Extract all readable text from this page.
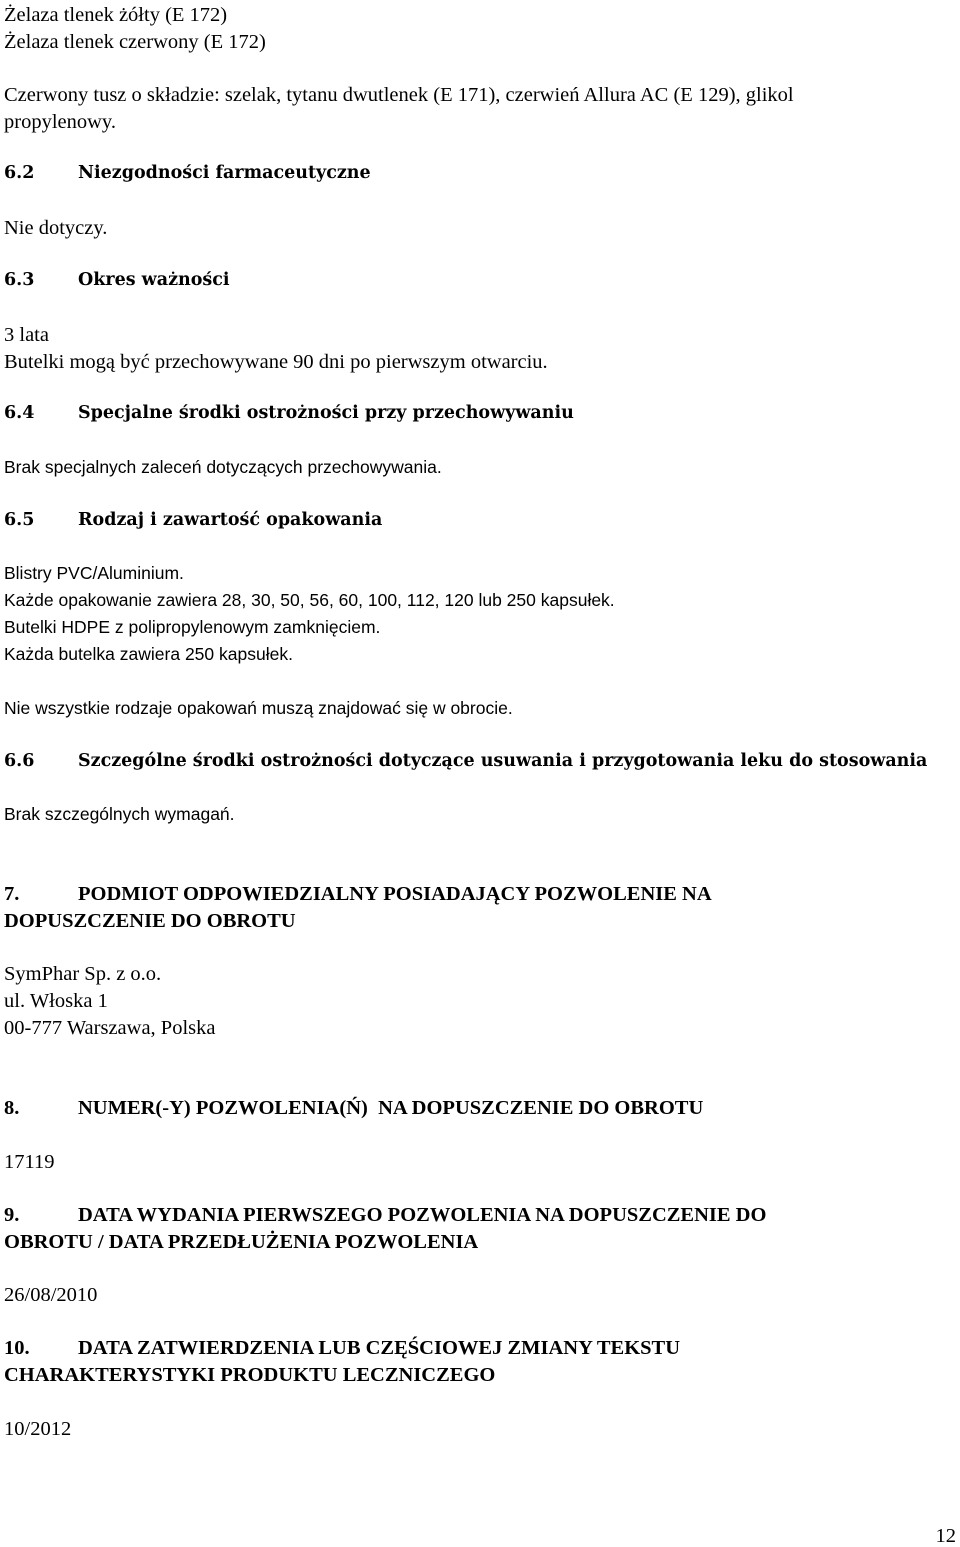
Żelaza tlenek żółty (E 172)
Żelaza tlenek czerwony (E 172)
Czerwony tusz o składzie: szelak, tytanu dwutlenek (E 171), czerwień Allura AC (E 129), glikol
propylenowy.
6.2 Niezgodności farmaceutyczne
Nie dotyczy.
6.3 Okres ważności
3 lata
Butelki mogą być przechowywane 90 dni po pierwszym otwarciu.
6.4 Specjalne środki ostrożności przy przechowywaniu
Brak specjalnych zaleceń dotyczących przechowywania.
6.5 Rodzaj i zawartość opakowania
Blistry PVC/Aluminium.
Każde opakowanie zawiera 28, 30, 50, 56, 60, 100, 112, 120 lub 250 kapsułek.
Butelki HDPE z polipropylenowym zamknięciem.
Każda butelka zawiera 250 kapsułek.
Nie wszystkie rodzaje opakowań muszą znajdować się w obrocie.
6.6 Szczególne środki ostrożności dotyczące usuwania i przygotowania leku do stosowania
Brak szczególnych wymagań.
7.	PODMIOT ODPOWIEDZIALNY POSIADAJĄCY POZWOLENIE NA
DOPUSZCZENIE DO OBROTU
SymPhar Sp. z o.o.
ul. Włoska 1
00-777 Warszawa, Polska
8.	NUMER(-Y) POZWOLENIA(Ń)  NA DOPUSZCZENIE DO OBROTU
17119
9.	DATA WYDANIA PIERWSZEGO POZWOLENIA NA DOPUSZCZENIE DO
OBROTU / DATA PRZEDŁUŻENIA POZWOLENIA
26/08/2010
10. DATA ZATWIERDZENIA LUB CZĘŚCIOWEJ ZMIANY TEKSTU
CHARAKTERYSTYKI PRODUKTU LECZNICZEGO
10/2012
12
